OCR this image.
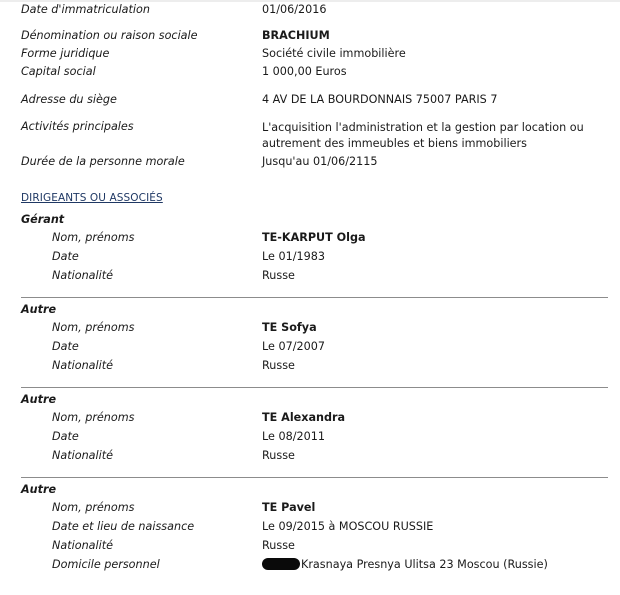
Date d'immatriculation	01/06/2016
Dénomination ou raison sociale	BRACHIUM
Forme juridique	Société civile immobilière
Capital social	1 000,00 Euros
Adresse du siège	4 AV DE LA BOURDONNAIS 75007 PARIS 7
Activités principales	L'acquisition l'administration et la gestion par location ou autrement des immeubles et biens immobiliers
Durée de la personne morale	Jusqu'au 01/06/2115
DIRIGEANTS OU ASSOCIÉS
Gérant
Nom, prénoms	TE-KARPUT Olga
Date	Le 01/1983
Nationalité	Russe
Autre
Nom, prénoms	TE Sofya
Date	Le 07/2007
Nationalité	Russe
Autre
Nom, prénoms	TE Alexandra
Date	Le 08/2011
Nationalité	Russe
Autre
Nom, prénoms	TE Pavel
Date et lieu de naissance	Le 09/2015 à MOSCOU RUSSIE
Nationalité	Russe
Domicile personnel	Krasnaya Presnya Ulitsa 23 Moscou (Russie)
